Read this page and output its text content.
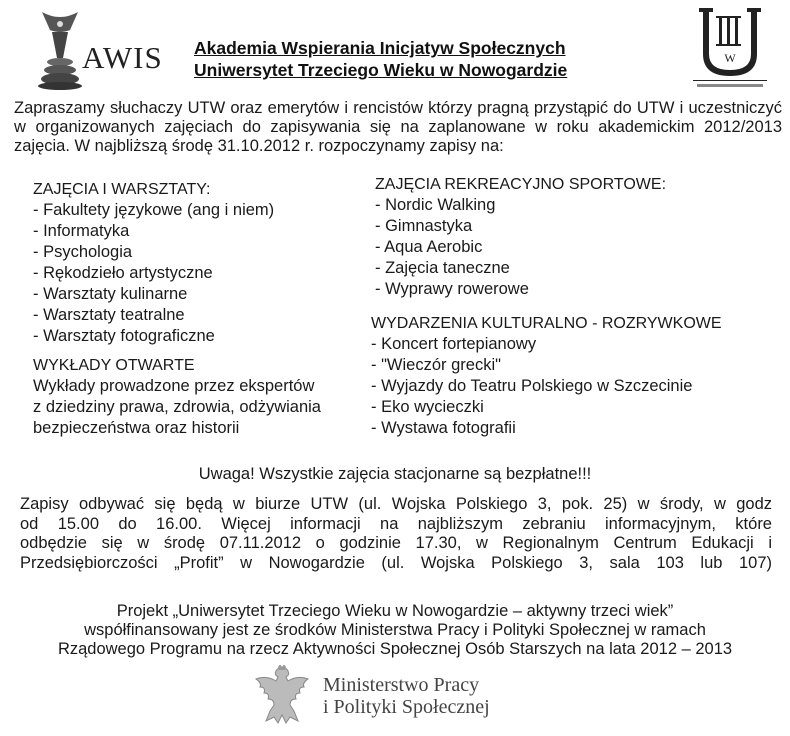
AWIS Akademia Wspierania Inicjatyw Społecznych
Uniwersytet Trzeciego Wieku w Nowogardzie
W
Zapraszamy słuchaczy UTW oraz emerytów i rencistów którzy pragną przystąpić do UTW i uczestniczyć w organizowanych zajęciach do zapisywania się na zaplanowane w roku akademickim 2012/2013 zajęcia. W najbliższą środę 31.10.2012 r. rozpoczynamy zapisy na:
ZAJĘCIA I WARSZTATY:
- Fakultety językowe (ang i niem)
- Informatyka
- Psychologia
- Rękodzieło artystyczne
- Warsztaty kulinarne
- Warsztaty teatralne
- Warsztaty fotograficzne
WYKŁADY OTWARTE
Wykłady prowadzone przez ekspertów
z dziedziny prawa, zdrowia, odżywiania
bezpieczeństwa oraz historii
ZAJĘCIA REKREACYJNO SPORTOWE:
- Nordic Walking
- Gimnastyka
- Aqua Aerobic
- Zajęcia taneczne
- Wyprawy rowerowe
WYDARZENIA KULTURALNO - ROZRYWKOWE
- Koncert fortepianowy
- "Wieczór grecki"
- Wyjazdy do Teatru Polskiego w Szczecinie
- Eko wycieczki
- Wystawa fotografii
Uwaga! Wszystkie zajęcia stacjonarne są bezpłatne!!!
Zapisy odbywać się będą w biurze UTW (ul. Wojska Polskiego 3, pok. 25) w środy, w godz
od 15.00 do 16.00. Więcej informacji na najbliższym zebraniu informacyjnym, które
odbędzie się w środę 07.11.2012 o godzinie 17.30, w Regionalnym Centrum Edukacji i
Przedsiębiorczości „Profit” w Nowogardzie (ul. Wojska Polskiego 3, sala 103 lub 107)
Projekt „Uniwersytet Trzeciego Wieku w Nowogardzie – aktywny trzeci wiek”
współfinansowany jest ze środków Ministerstwa Pracy i Polityki Społecznej w ramach
Rządowego Programu na rzecz Aktywności Społecznej Osób Starszych na lata 2012 – 2013
Ministerstwo Pracy
i Polityki Społecznej
